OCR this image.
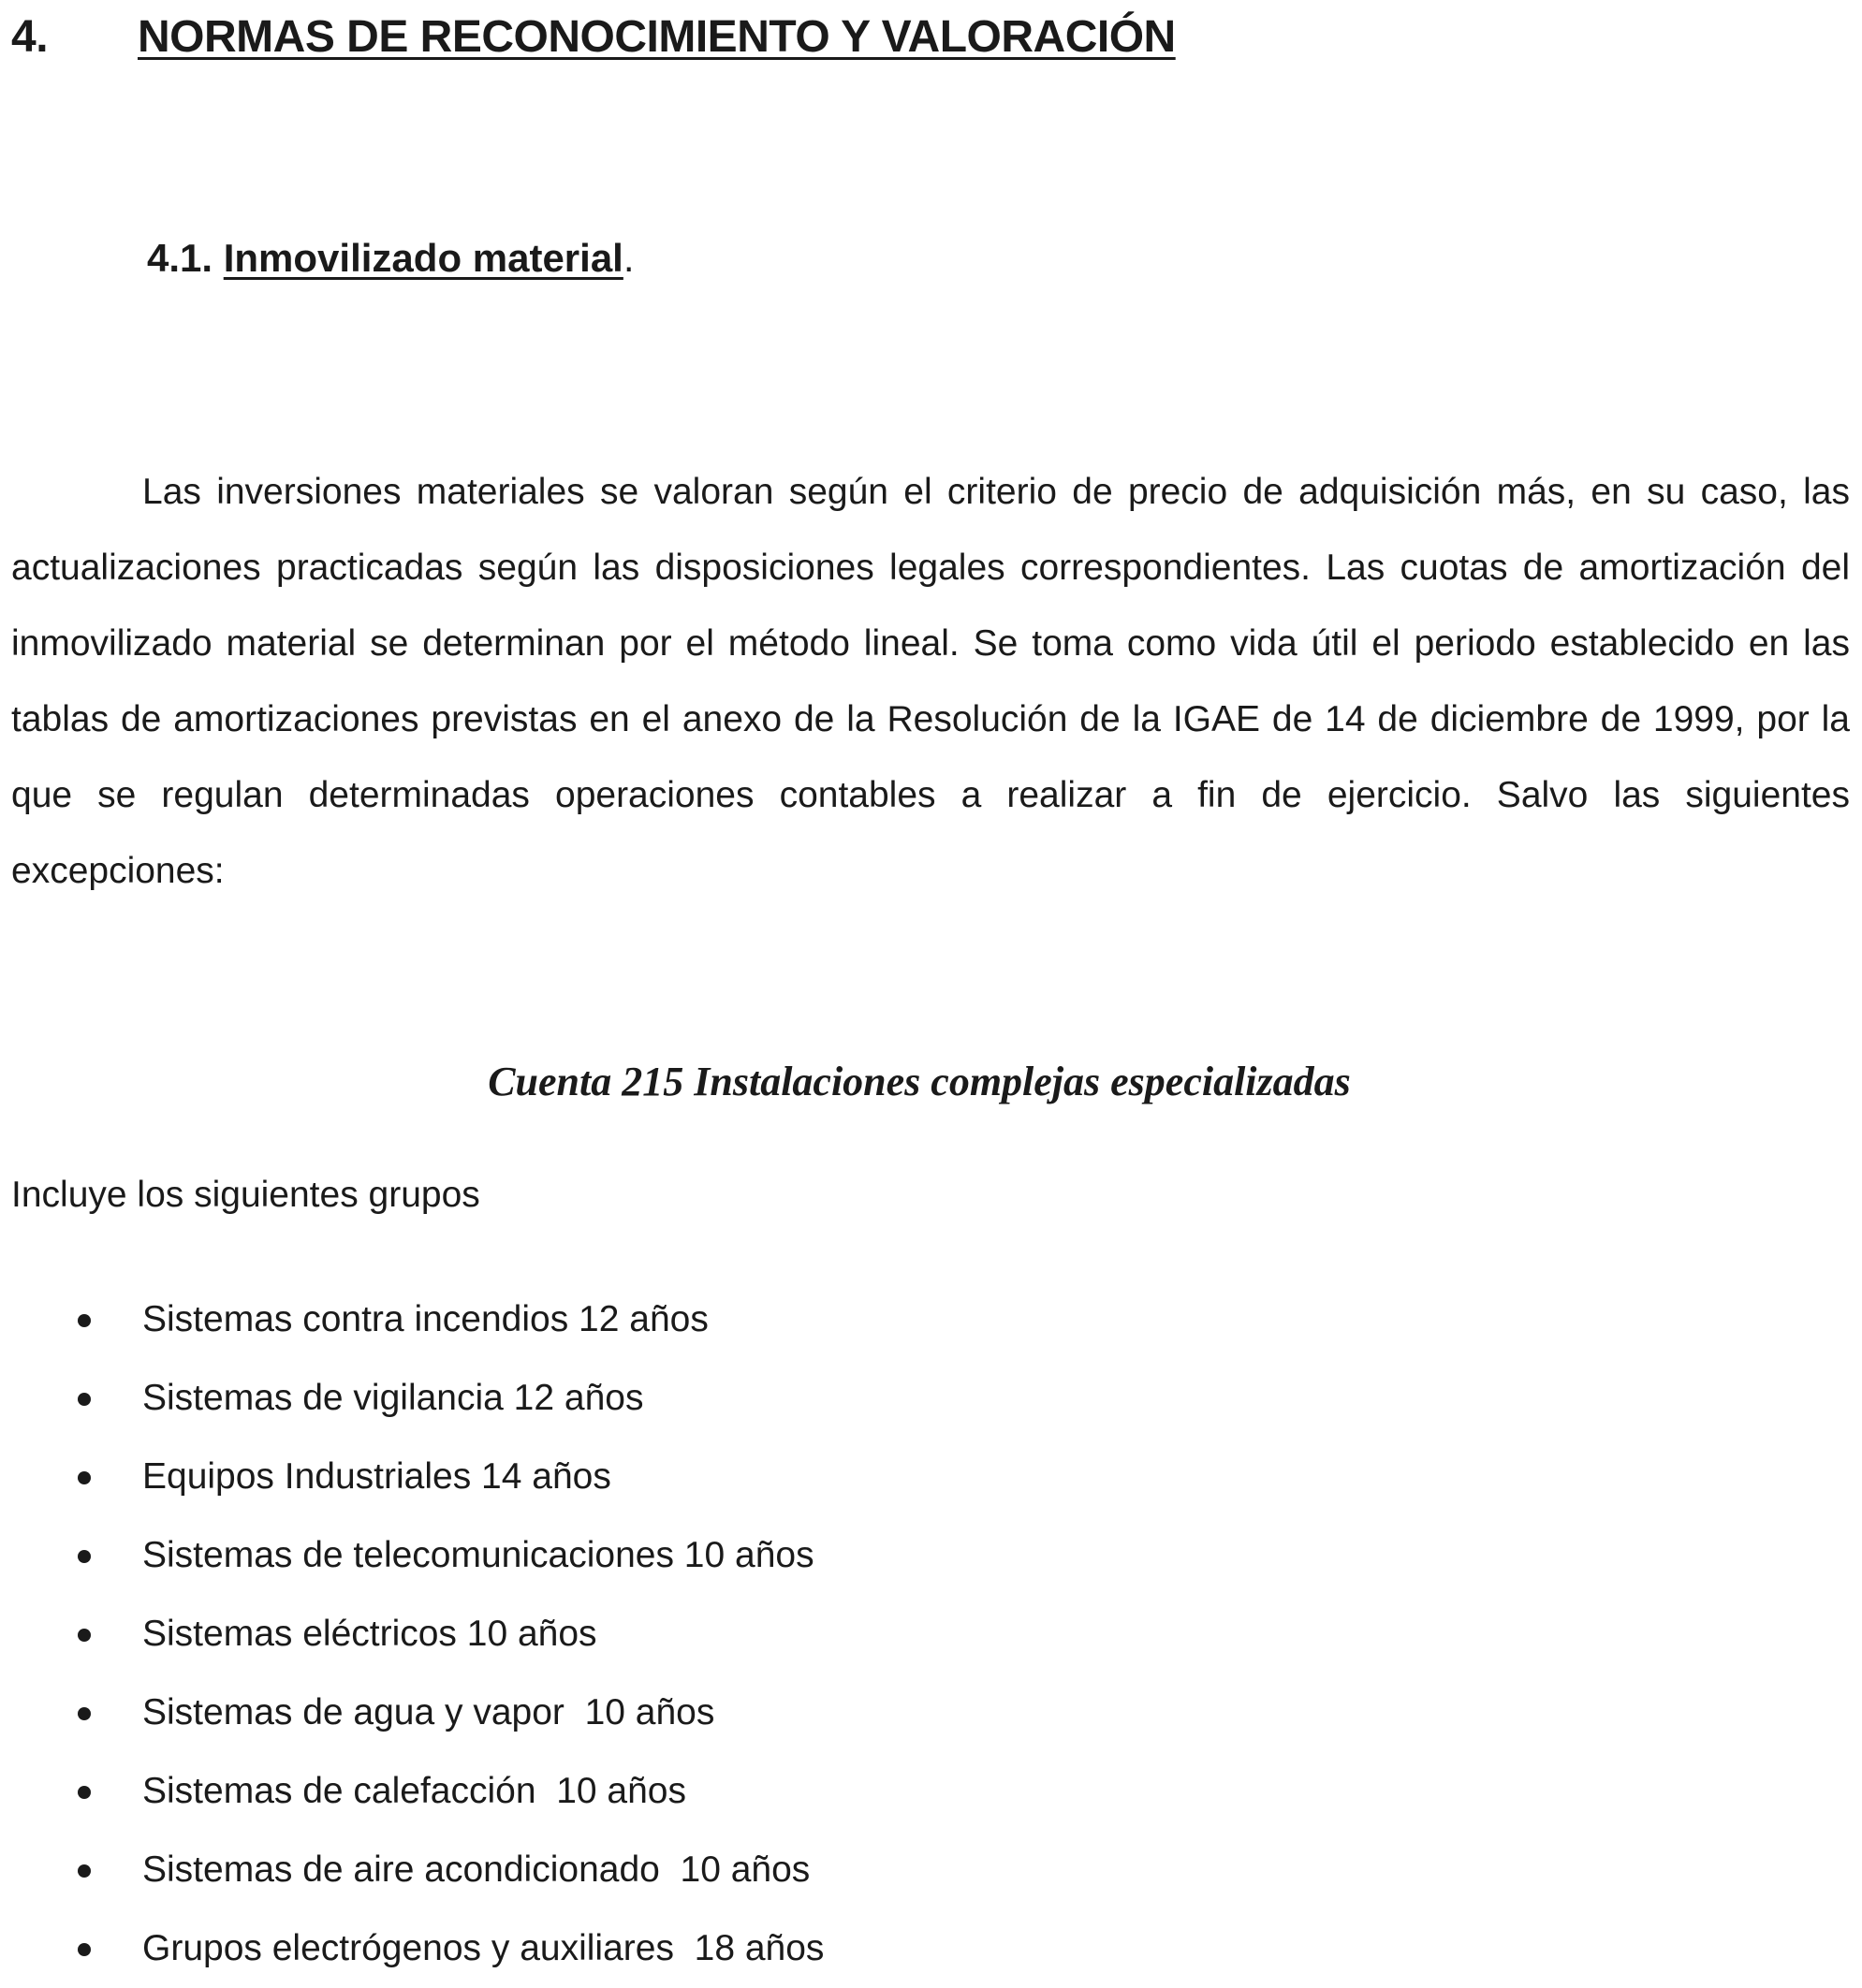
4. NORMAS DE RECONOCIMIENTO Y VALORACIÓN
4.1. Inmovilizado material.

Las inversiones materiales se valoran según el criterio de precio de adquisición más, en su caso, las actualizaciones practicadas según las disposiciones legales correspondientes. Las cuotas de amortización del inmovilizado material se determinan por el método lineal. Se toma como vida útil el periodo establecido en las tablas de amortizaciones previstas en el anexo de la Resolución de la IGAE de 14 de diciembre de 1999, por la que se regulan determinadas operaciones contables a realizar a fin de ejercicio. Salvo las siguientes excepciones:

Cuenta 215 Instalaciones complejas especializadas
Incluye los siguientes grupos
Sistemas contra incendios 12 años
Sistemas de vigilancia 12 años
Equipos Industriales 14 años
Sistemas de telecomunicaciones 10 años
Sistemas eléctricos 10 años
Sistemas de agua y vapor  10 años
Sistemas de calefacción  10 años
Sistemas de aire acondicionado  10 años
Grupos electrógenos y auxiliares  18 años
